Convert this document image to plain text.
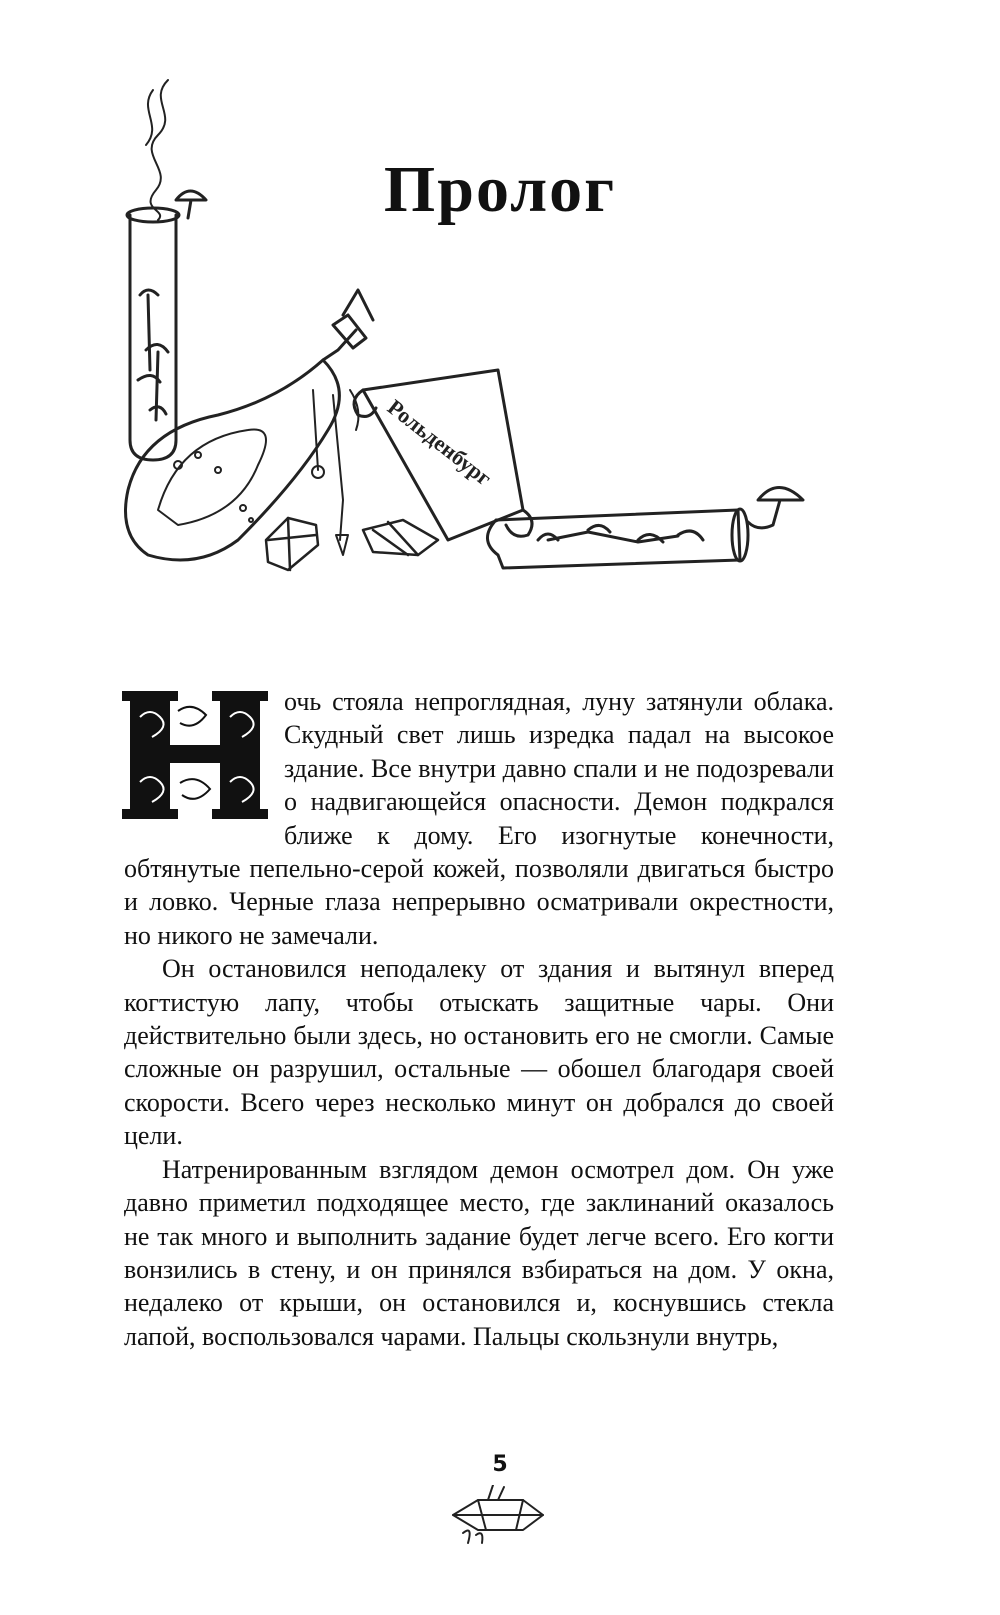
Пролог
Рольденбург

очь стояла непроглядная, луну затянули облака. Скудный свет лишь изредка падал на высокое здание. Все внутри давно спали и не подозревали о надвигающейся опасности. Демон подкрался ближе к дому. Его изогнутые конечности, обтянутые пепельно-серой кожей, позволяли двигаться быстро и ловко. Черные глаза непрерывно осматривали окрестности, но никого не замечали.

Он остановился неподалеку от здания и вытянул вперед когтистую лапу, чтобы отыскать защитные чары. Они действительно были здесь, но остановить его не смогли. Самые сложные он разрушил, остальные — обошел благодаря своей скорости. Всего через несколько минут он добрался до своей цели.

Натренированным взглядом демон осмотрел дом. Он уже давно приметил подходящее место, где заклинаний оказалось не так много и выполнить задание будет легче всего. Его когти вонзились в стену, и он принялся взбираться на дом. У окна, недалеко от крыши, он остановился и, коснувшись стекла лапой, воспользовался чарами. Пальцы скользнули внутрь,

5
